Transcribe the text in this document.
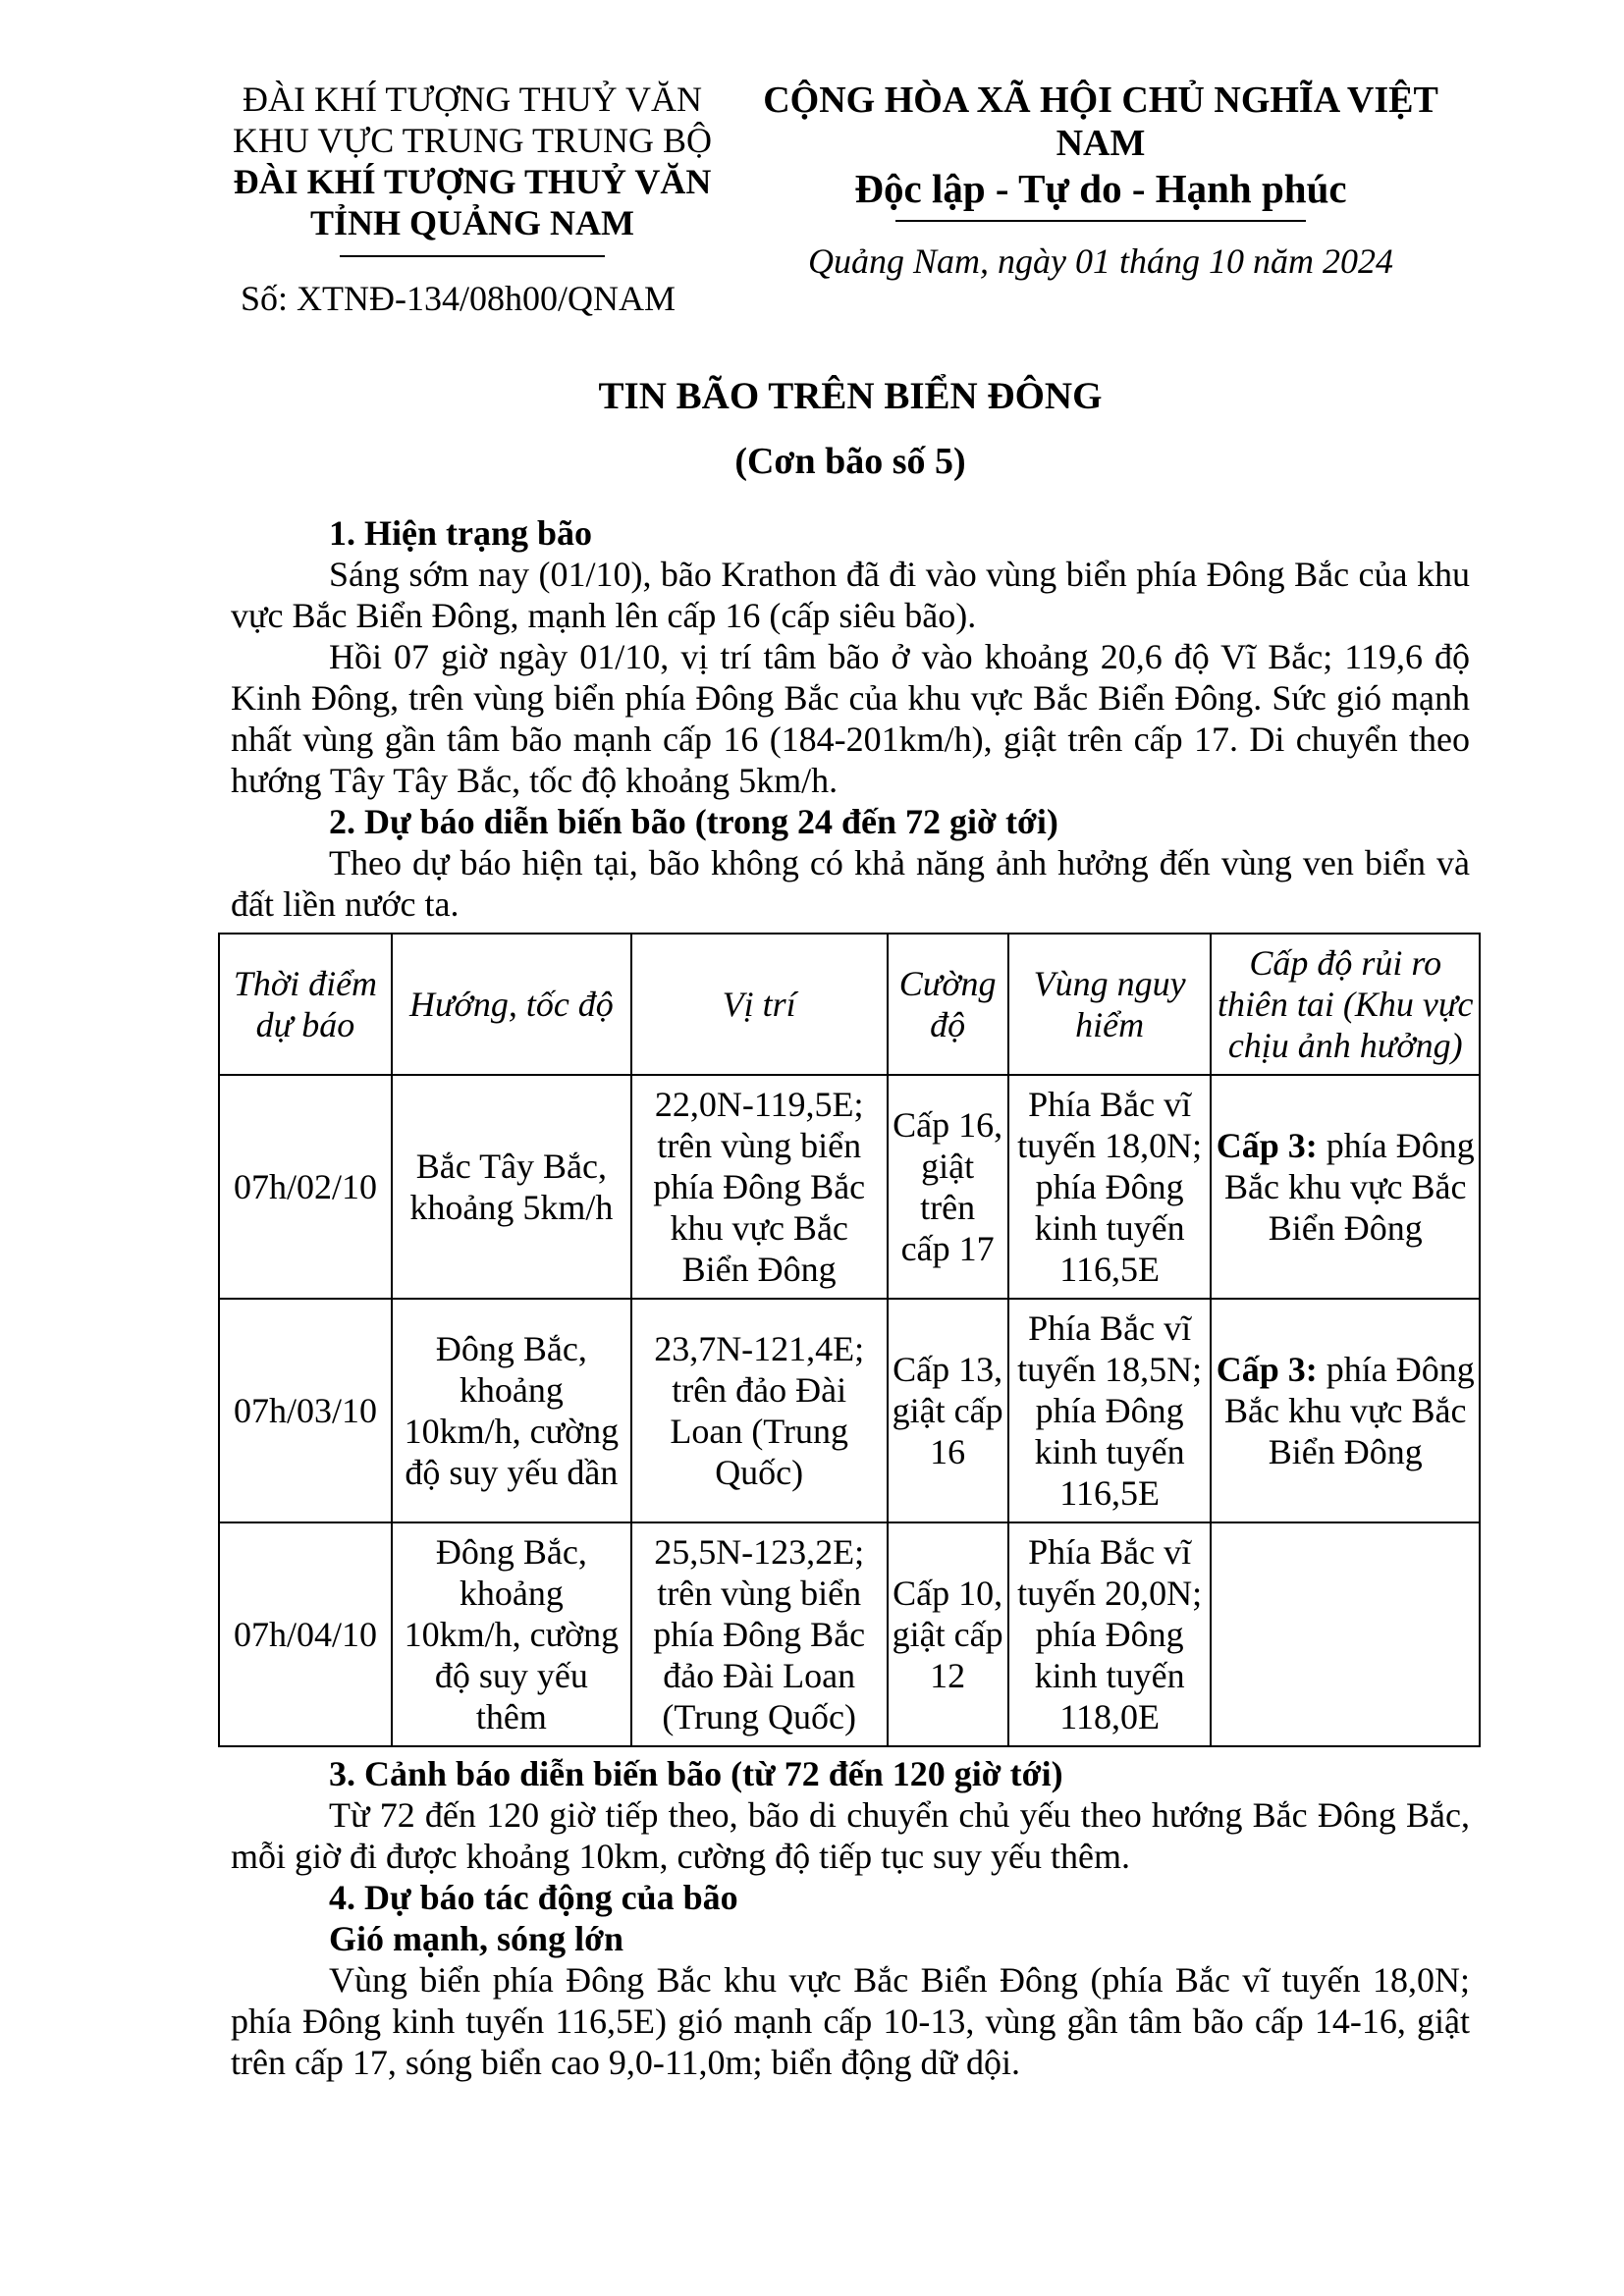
ĐÀI KHÍ TƯỢNG THUỶ VĂN
KHU VỰC TRUNG TRUNG BỘ
ĐÀI KHÍ TƯỢNG THUỶ VĂN
TỈNH QUẢNG NAM
Số: XTNĐ-134/08h00/QNAM
CỘNG HÒA XÃ HỘI CHỦ NGHĨA VIỆT NAM
Độc lập - Tự do - Hạnh phúc
Quảng Nam, ngày 01 tháng 10 năm 2024
TIN BÃO TRÊN BIỂN ĐÔNG
(Cơn bão số 5)
1. Hiện trạng bão
Sáng sớm nay (01/10), bão Krathon đã đi vào vùng biển phía Đông Bắc của khu vực Bắc Biển Đông, mạnh lên cấp 16 (cấp siêu bão).
Hồi 07 giờ ngày 01/10, vị trí tâm bão ở vào khoảng 20,6 độ Vĩ Bắc; 119,6 độ Kinh Đông, trên vùng biển phía Đông Bắc của khu vực Bắc Biển Đông. Sức gió mạnh nhất vùng gần tâm bão mạnh cấp 16 (184-201km/h), giật trên cấp 17. Di chuyển theo hướng Tây Tây Bắc, tốc độ khoảng 5km/h.
2. Dự báo diễn biến bão (trong 24 đến 72 giờ tới)
Theo dự báo hiện tại, bão không có khả năng ảnh hưởng đến vùng ven biển và đất liền nước ta.
Thời điểm dự báo	Hướng, tốc độ	Vị trí	Cường độ	Vùng nguy hiểm	Cấp độ rủi ro thiên tai (Khu vực chịu ảnh hưởng)
07h/02/10	Bắc Tây Bắc, khoảng 5km/h	22,0N-119,5E; trên vùng biển phía Đông Bắc khu vực Bắc Biển Đông	Cấp 16, giật trên cấp 17	Phía Bắc vĩ tuyến 18,0N; phía Đông kinh tuyến 116,5E	Cấp 3: phía Đông Bắc khu vực Bắc Biển Đông
07h/03/10	Đông Bắc, khoảng 10km/h, cường độ suy yếu dần	23,7N-121,4E; trên đảo Đài Loan (Trung Quốc)	Cấp 13, giật cấp 16	Phía Bắc vĩ tuyến 18,5N; phía Đông kinh tuyến 116,5E	Cấp 3: phía Đông Bắc khu vực Bắc Biển Đông
07h/04/10	Đông Bắc, khoảng 10km/h, cường độ suy yếu thêm	25,5N-123,2E; trên vùng biển phía Đông Bắc đảo Đài Loan (Trung Quốc)	Cấp 10, giật cấp 12	Phía Bắc vĩ tuyến 20,0N; phía Đông kinh tuyến 118,0E	
3. Cảnh báo diễn biến bão (từ 72 đến 120 giờ tới)
Từ 72 đến 120 giờ tiếp theo, bão di chuyển chủ yếu theo hướng Bắc Đông Bắc, mỗi giờ đi được khoảng 10km, cường độ tiếp tục suy yếu thêm.
4. Dự báo tác động của bão
Gió mạnh, sóng lớn
Vùng biển phía Đông Bắc khu vực Bắc Biển Đông (phía Bắc vĩ tuyến 18,0N; phía Đông kinh tuyến 116,5E) gió mạnh cấp 10-13, vùng gần tâm bão cấp 14-16, giật trên cấp 17, sóng biển cao 9,0-11,0m; biển động dữ dội.
